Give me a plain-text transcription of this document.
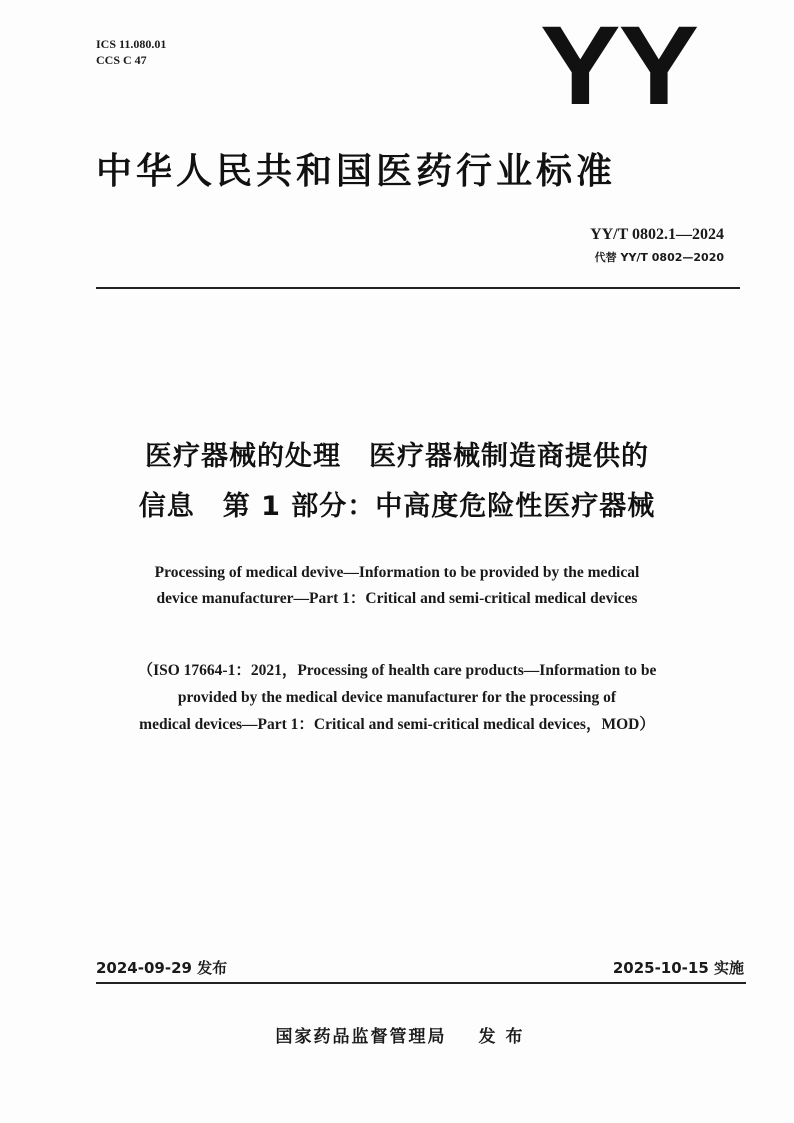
ICS 11.080.01
CCS C 47	YY
中华人民共和国医药行业标准
YY/T 0802.1—2024
代替 YY/T 0802—2020
医疗器械的处理　医疗器械制造商提供的
信息　第 1 部分：中高度危险性医疗器械
Processing of medical devive—Information to be provided by the medical
device manufacturer—Part 1：Critical and semi-critical medical devices
（ISO 17664-1：2021，Processing of health care products—Information to be
provided by the medical device manufacturer for the processing of
medical devices—Part 1：Critical and semi-critical medical devices，MOD）
2024-09-29 发布	2025-10-15 实施
国家药品监督管理局 发 布
